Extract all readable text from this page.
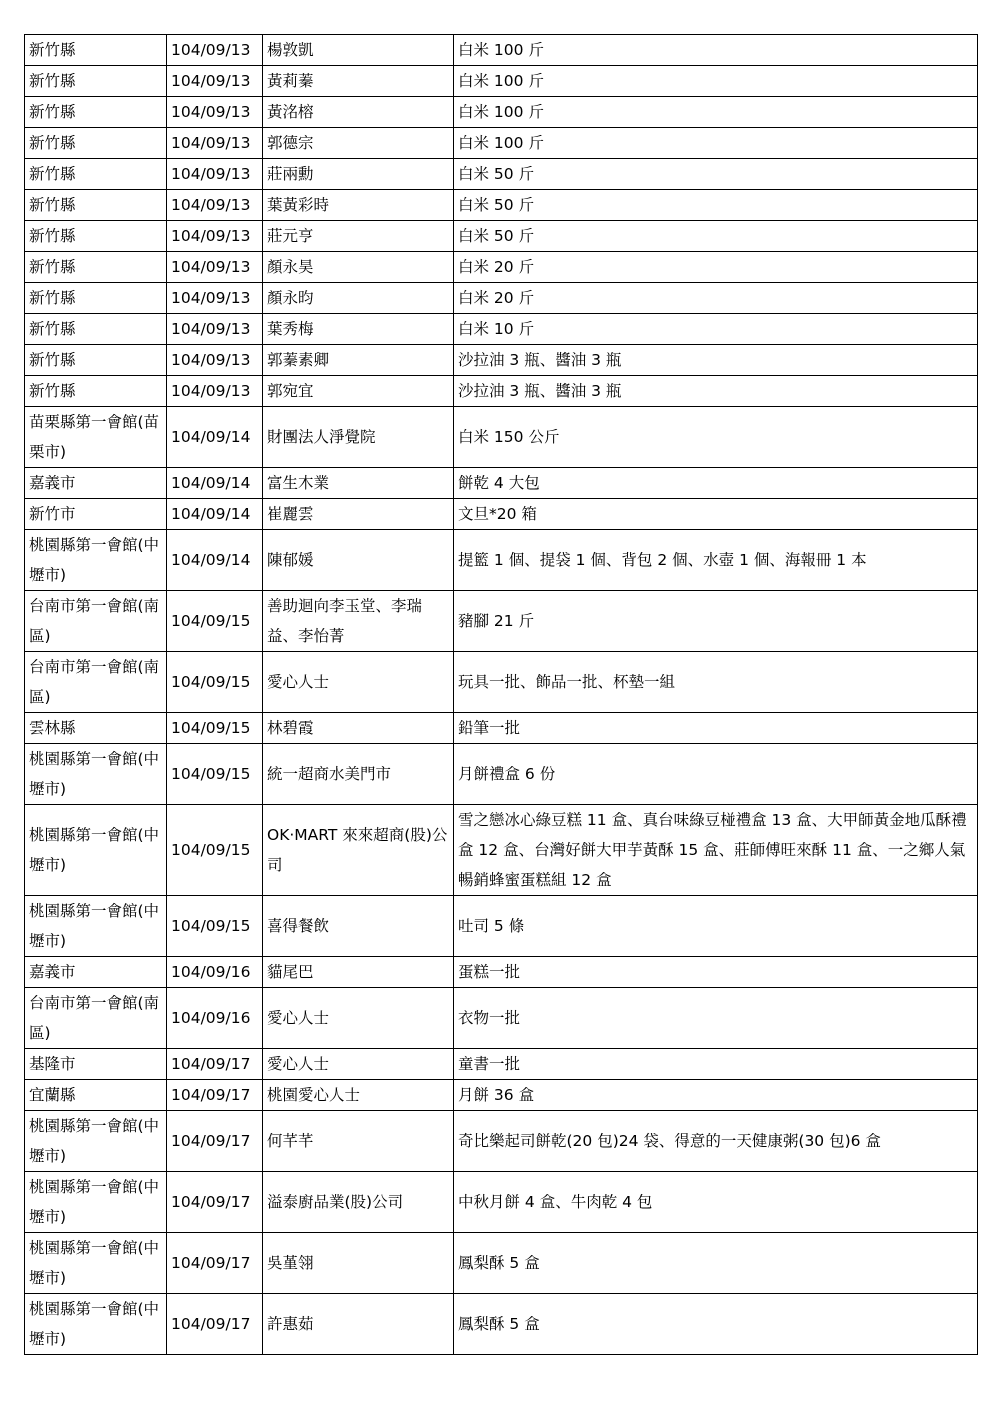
新竹縣	104/09/13	楊敦凱	白米 100 斤
新竹縣	104/09/13	黃莉蓁	白米 100 斤
新竹縣	104/09/13	黃洺榕	白米 100 斤
新竹縣	104/09/13	郭德宗	白米 100 斤
新竹縣	104/09/13	莊兩勳	白米 50 斤
新竹縣	104/09/13	葉黃彩時	白米 50 斤
新竹縣	104/09/13	莊元亨	白米 50 斤
新竹縣	104/09/13	顏永昊	白米 20 斤
新竹縣	104/09/13	顏永昀	白米 20 斤
新竹縣	104/09/13	葉秀梅	白米 10 斤
新竹縣	104/09/13	郭蓁素卿	沙拉油 3 瓶、醬油 3 瓶
新竹縣	104/09/13	郭宛宜	沙拉油 3 瓶、醬油 3 瓶
苗栗縣第一會館(苗栗市)	104/09/14	財團法人淨覺院	白米 150 公斤
嘉義市	104/09/14	富生木業	餅乾 4 大包
新竹市	104/09/14	崔麗雲	文旦*20 箱
桃園縣第一會館(中壢市)	104/09/14	陳郁媛	提籃 1 個、提袋 1 個、背包 2 個、水壺 1 個、海報冊 1 本
台南市第一會館(南區)	104/09/15	善助迴向李玉堂、李瑞益、李怡菁	豬腳 21 斤
台南市第一會館(南區)	104/09/15	愛心人士	玩具一批、飾品一批、杯墊一組
雲林縣	104/09/15	林碧霞	鉛筆一批
桃園縣第一會館(中壢市)	104/09/15	統一超商水美門市	月餅禮盒 6 份
桃園縣第一會館(中壢市)	104/09/15	OK‧MART 來來超商(股)公司	雪之戀冰心綠豆糕 11 盒、真台味綠豆椪禮盒 13 盒、大甲師黃金地瓜酥禮盒 12 盒、台灣好餅大甲芋黃酥 15 盒、莊師傅旺來酥 11 盒、一之鄉人氣暢銷蜂蜜蛋糕組 12 盒
桃園縣第一會館(中壢市)	104/09/15	喜得餐飲	吐司 5 條
嘉義市	104/09/16	貓尾巴	蛋糕一批
台南市第一會館(南區)	104/09/16	愛心人士	衣物一批
基隆市	104/09/17	愛心人士	童書一批
宜蘭縣	104/09/17	桃園愛心人士	月餅 36 盒
桃園縣第一會館(中壢市)	104/09/17	何芊芊	奇比樂起司餅乾(20 包)24 袋、得意的一天健康粥(30 包)6 盒
桃園縣第一會館(中壢市)	104/09/17	溢泰廚品業(股)公司	中秋月餅 4 盒、牛肉乾 4 包
桃園縣第一會館(中壢市)	104/09/17	吳堇翎	鳳梨酥 5 盒
桃園縣第一會館(中壢市)	104/09/17	許惠茹	鳳梨酥 5 盒
